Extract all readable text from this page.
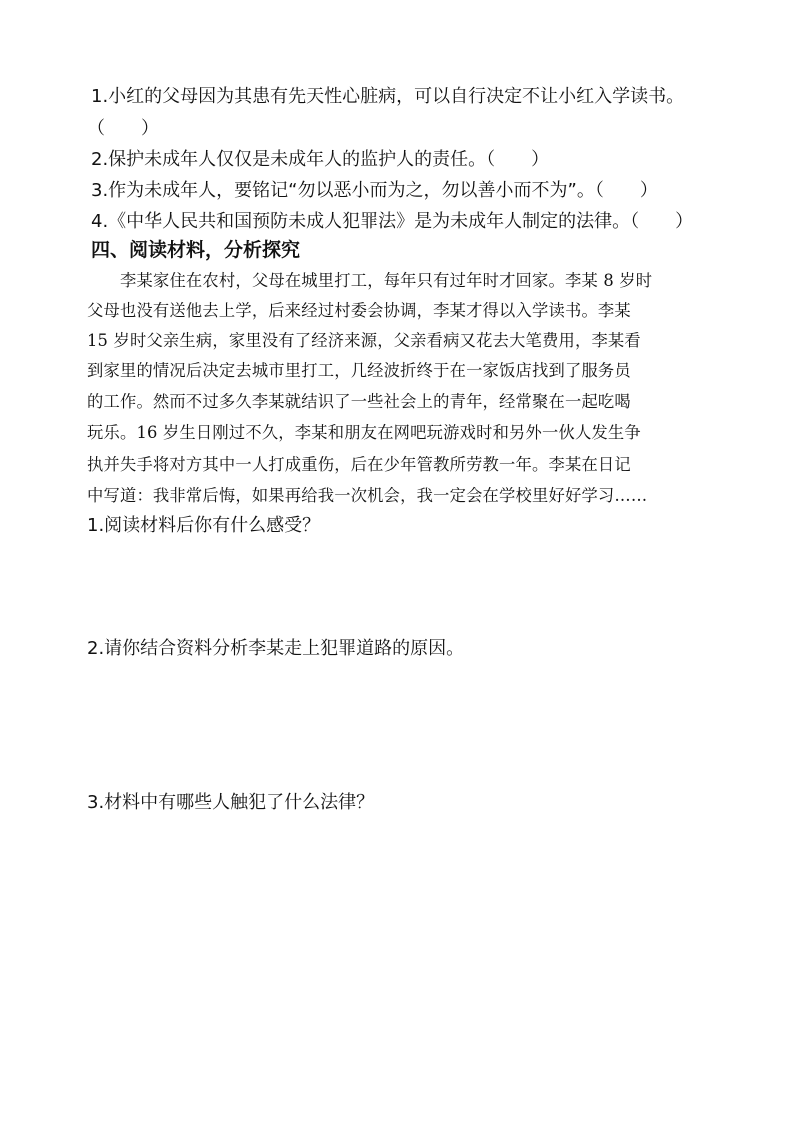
1.小红的父母因为其患有先天性心脏病，可以自行决定不让小红入学读书。
（　　）
2.保护未成年人仅仅是未成年人的监护人的责任。（　　）
3.作为未成年人，要铭记“勿以恶小而为之，勿以善小而不为”。（　　）
4.《中华人民共和国预防未成人犯罪法》是为未成年人制定的法律。（　　）
四、阅读材料，分析探究
李某家住在农村，父母在城里打工，每年只有过年时才回家。李某 8 岁时
父母也没有送他去上学，后来经过村委会协调，李某才得以入学读书。李某
15 岁时父亲生病，家里没有了经济来源，父亲看病又花去大笔费用，李某看
到家里的情况后决定去城市里打工，几经波折终于在一家饭店找到了服务员
的工作。然而不过多久李某就结识了一些社会上的青年，经常聚在一起吃喝
玩乐。16 岁生日刚过不久，李某和朋友在网吧玩游戏时和另外一伙人发生争
执并失手将对方其中一人打成重伤，后在少年管教所劳教一年。李某在日记
中写道：我非常后悔，如果再给我一次机会，我一定会在学校里好好学习……
1.阅读材料后你有什么感受？
2.请你结合资料分析李某走上犯罪道路的原因。
3.材料中有哪些人触犯了什么法律？
